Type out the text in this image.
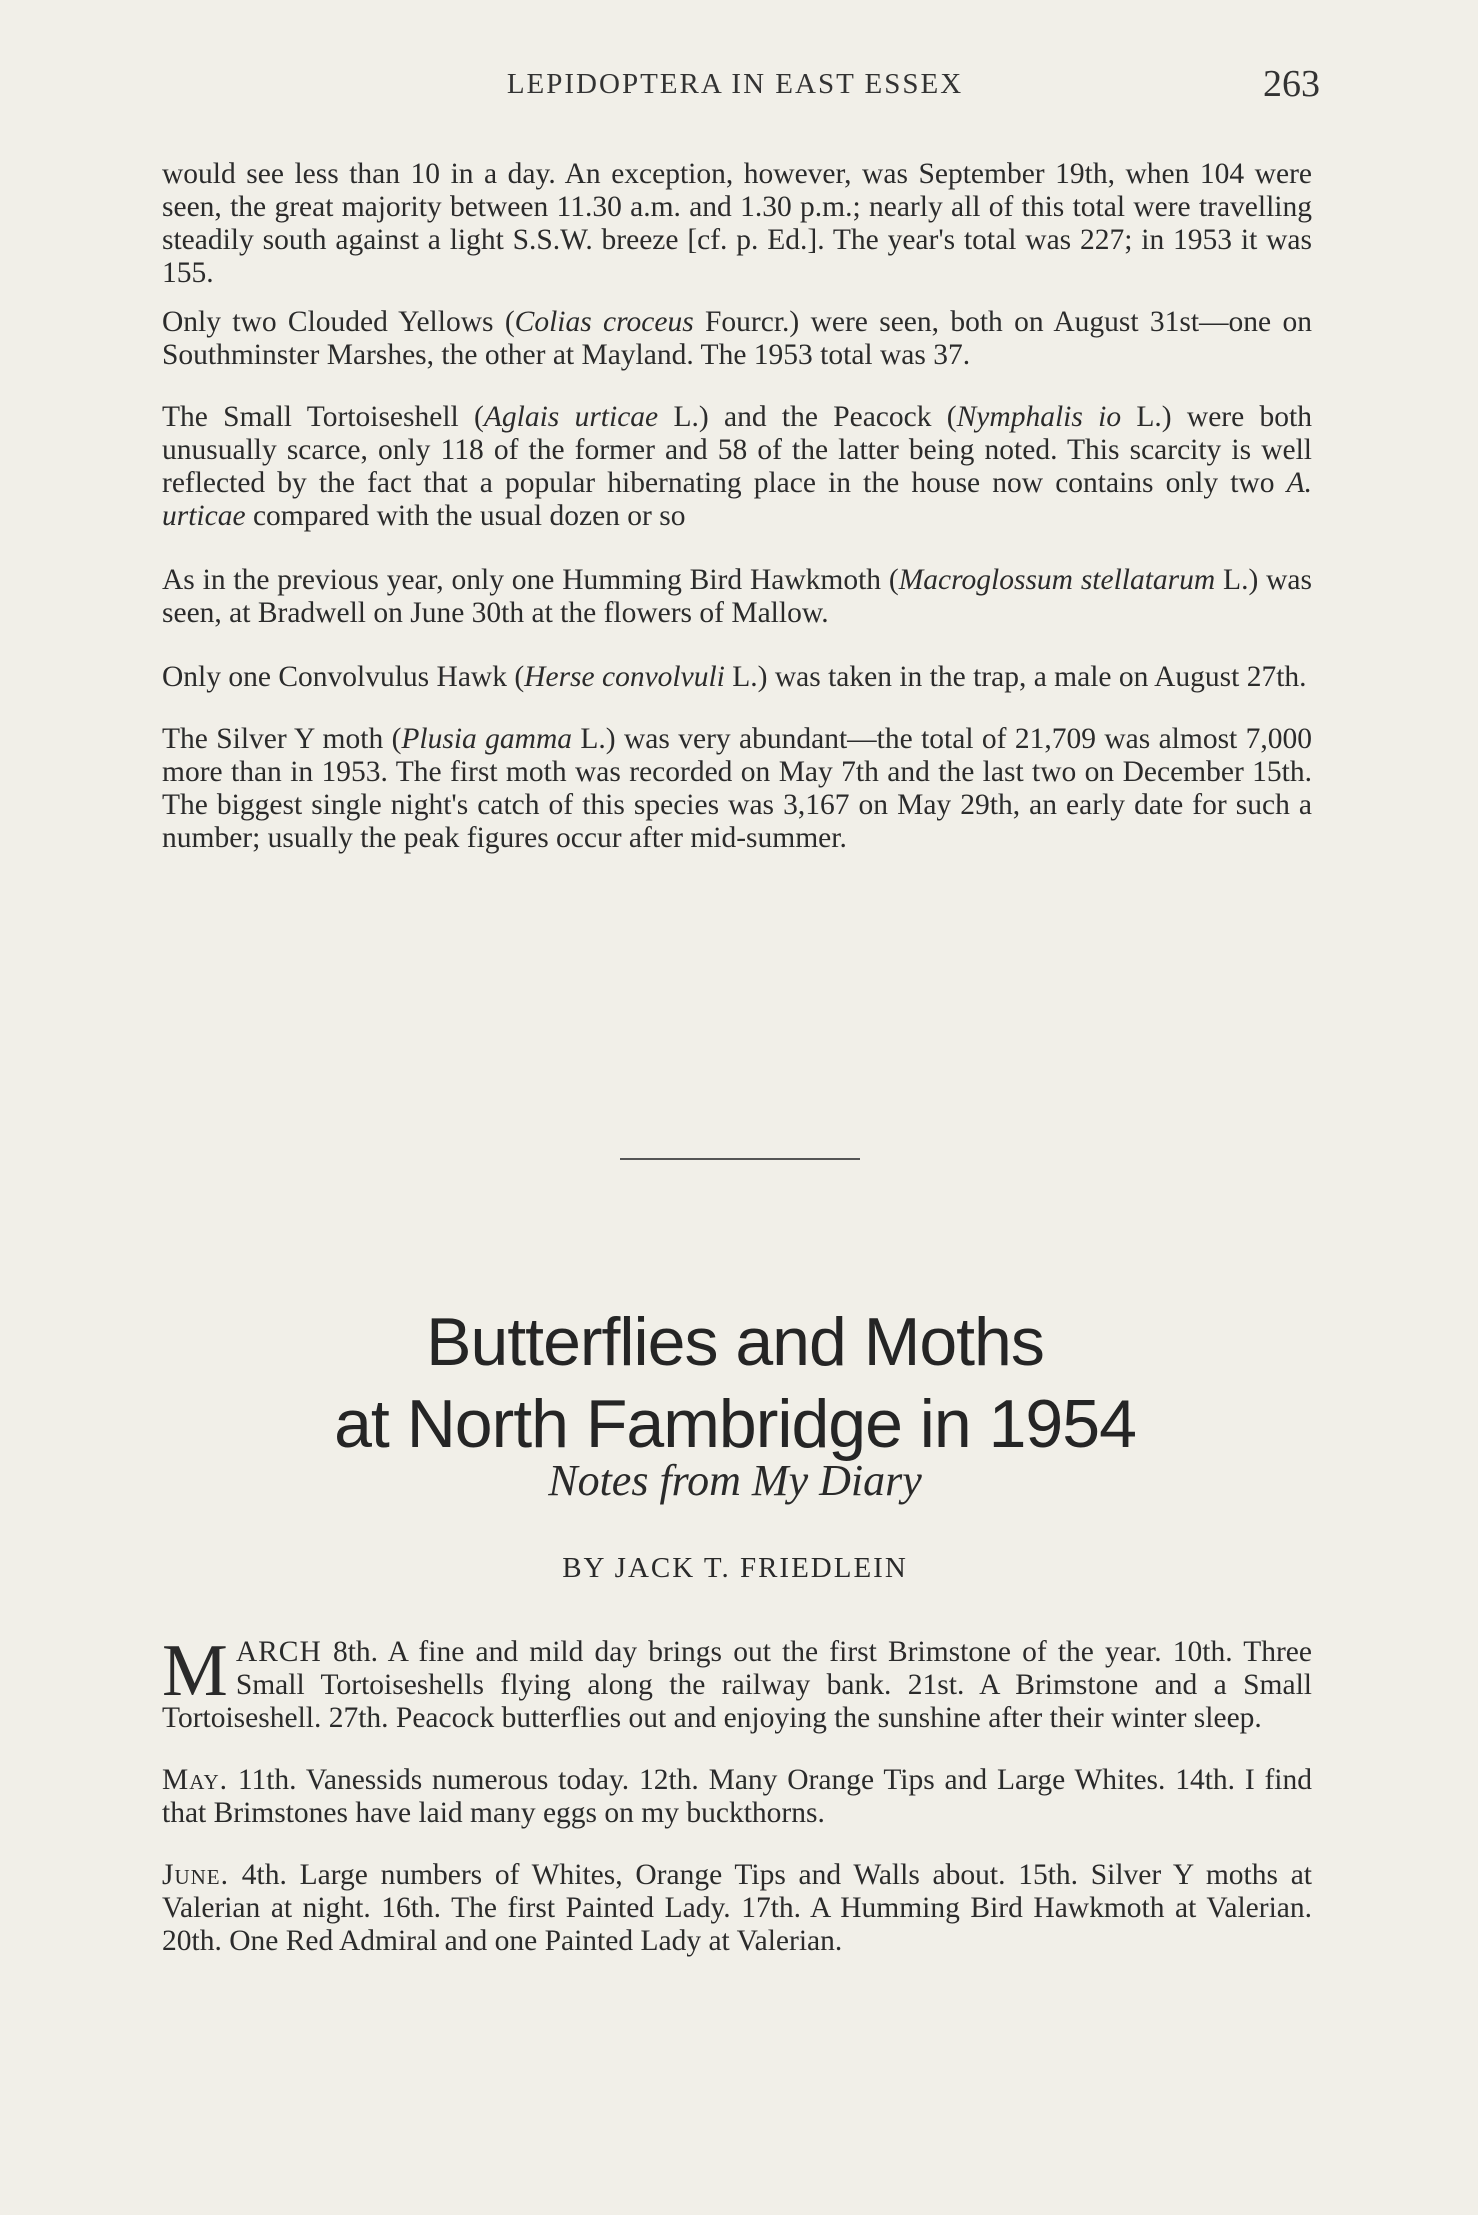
LEPIDOPTERA IN EAST ESSEX	263

would see less than 10 in a day. An exception, however, was September 19th, when 104 were seen, the great majority between 11.30 a.m. and 1.30 p.m.; nearly all of this total were travelling steadily south against a light S.S.W. breeze [cf. p. Ed.]. The year's total was 227; in 1953 it was 155.

Only two Clouded Yellows (Colias croceus Fourcr.) were seen, both on August 31st—one on Southminster Marshes, the other at Mayland. The 1953 total was 37.

The Small Tortoiseshell (Aglais urticae L.) and the Peacock (Nymphalis io L.) were both unusually scarce, only 118 of the former and 58 of the latter being noted. This scarcity is well reflected by the fact that a popular hibernating place in the house now contains only two A. urticae compared with the usual dozen or so

As in the previous year, only one Humming Bird Hawkmoth (Macroglossum stellatarum L.) was seen, at Bradwell on June 30th at the flowers of Mallow.

Only one Convolvulus Hawk (Herse convolvuli L.) was taken in the trap, a male on August 27th.

The Silver Y moth (Plusia gamma L.) was very abundant—the total of 21,709 was almost 7,000 more than in 1953. The first moth was recorded on May 7th and the last two on December 15th. The biggest single night's catch of this species was 3,167 on May 29th, an early date for such a number; usually the peak figures occur after mid-summer.

Butterflies and Moths
at North Fambridge in 1954
Notes from My Diary
BY JACK T. FRIEDLEIN

MARCH 8th. A fine and mild day brings out the first Brimstone of the year. 10th. Three Small Tortoiseshells flying along the railway bank. 21st. A Brimstone and a Small Tortoiseshell. 27th. Peacock butterflies out and enjoying the sunshine after their winter sleep.

May. 11th. Vanessids numerous today. 12th. Many Orange Tips and Large Whites. 14th. I find that Brimstones have laid many eggs on my buckthorns.

June. 4th. Large numbers of Whites, Orange Tips and Walls about. 15th. Silver Y moths at Valerian at night. 16th. The first Painted Lady. 17th. A Humming Bird Hawkmoth at Valerian. 20th. One Red Admiral and one Painted Lady at Valerian.
